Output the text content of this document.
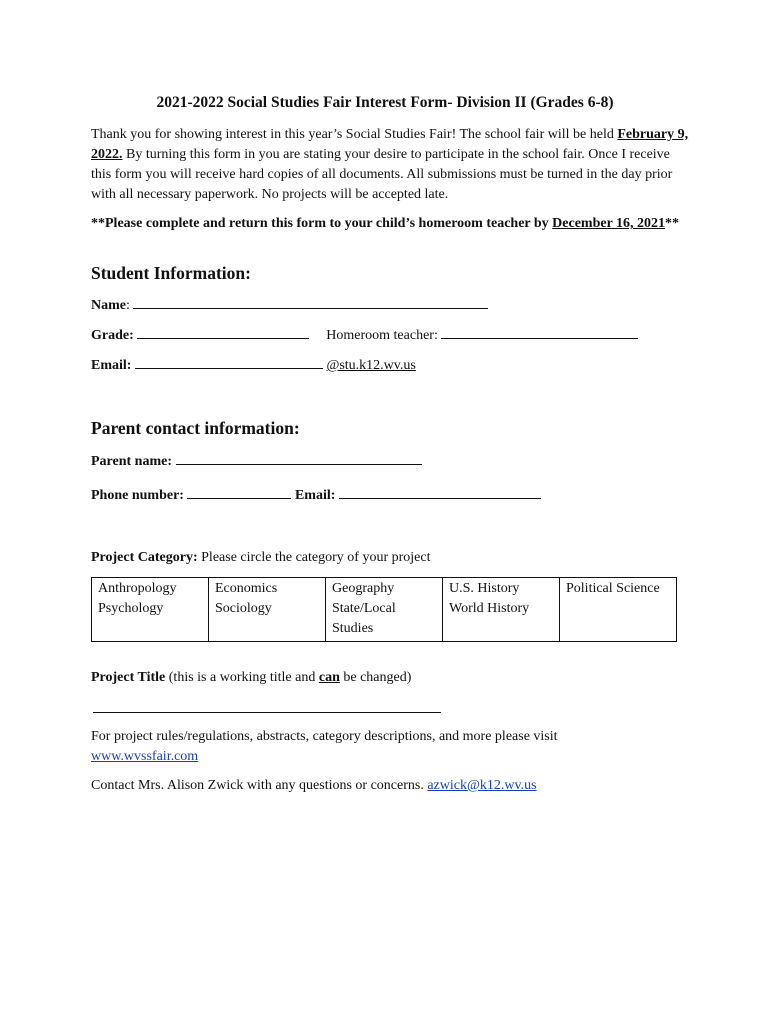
2021-2022 Social Studies Fair Interest Form- Division II (Grades 6-8)
Thank you for showing interest in this year’s Social Studies Fair! The school fair will be held February 9, 2022. By turning this form in you are stating your desire to participate in the school fair. Once I receive this form you will receive hard copies of all documents. All submissions must be turned in the day prior with all necessary paperwork. No projects will be accepted late.
**Please complete and return this form to your child’s homeroom teacher by December 16, 2021**
Student Information:
Name:
Grade:	Homeroom teacher:
Email:	@stu.k12.wv.us
Parent contact information:
Parent name:
Phone number:	Email:
Project Category: Please circle the category of your project
Anthropology
Psychology

Economics
Sociology

Geography
State/Local Studies

U.S. History
World History

Political Science
Project Title (this is a working title and can be changed)
For project rules/regulations, abstracts, category descriptions, and more please visit
www.wvssfair.com
Contact Mrs. Alison Zwick with any questions or concerns. azwick@k12.wv.us
